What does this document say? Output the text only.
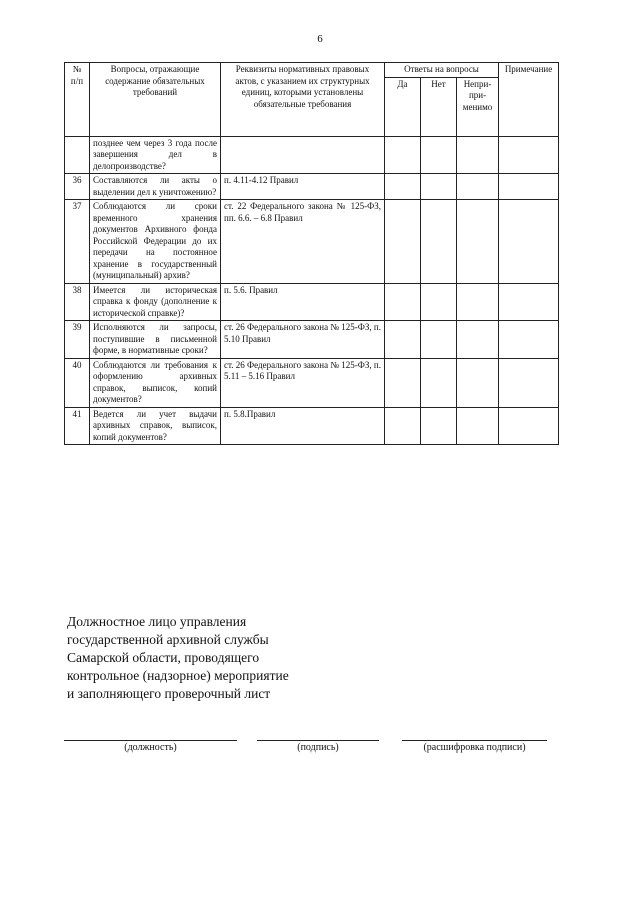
6
№ п/п	Вопросы, отражающие содержание обязательных требований	Реквизиты нормативных правовых актов, с указанием их структурных единиц, которыми установлены обязательные требования	Ответы на вопросы			Примечание
			Да	Нет	Неприприменимо	
	позднее чем через 3 года после завершения дел в делопроизводстве?					
36	Составляются ли акты о выделении дел к уничтожению?	п. 4.11-4.12 Правил				
37	Соблюдаются ли сроки временного хранения документов Архивного фонда Российской Федерации до их передачи на постоянное хранение в государственный (муниципальный) архив?	ст. 22 Федерального закона № 125-ФЗ, пп. 6.6. – 6.8 Правил				
38	Имеется ли историческая справка к фонду (дополнение к исторической справке)?	п. 5.6. Правил				
39	Исполняются ли запросы, поступившие в письменной форме, в нормативные сроки?	ст. 26 Федерального закона № 125-ФЗ, п. 5.10 Правил				
40	Соблюдаются ли требования к оформлению архивных справок, выписок, копий документов?	ст. 26 Федерального закона № 125-ФЗ, п. 5.11 – 5.16 Правил				
41	Ведется ли учет выдачи архивных справок, выписок, копий документов?	п. 5.8.Правил				
Должностное лицо управления
государственной архивной службы
Самарской области, проводящего
контрольное (надзорное) мероприятие
и заполняющего проверочный лист
(должность)	(подпись)	(расшифровка подписи)
